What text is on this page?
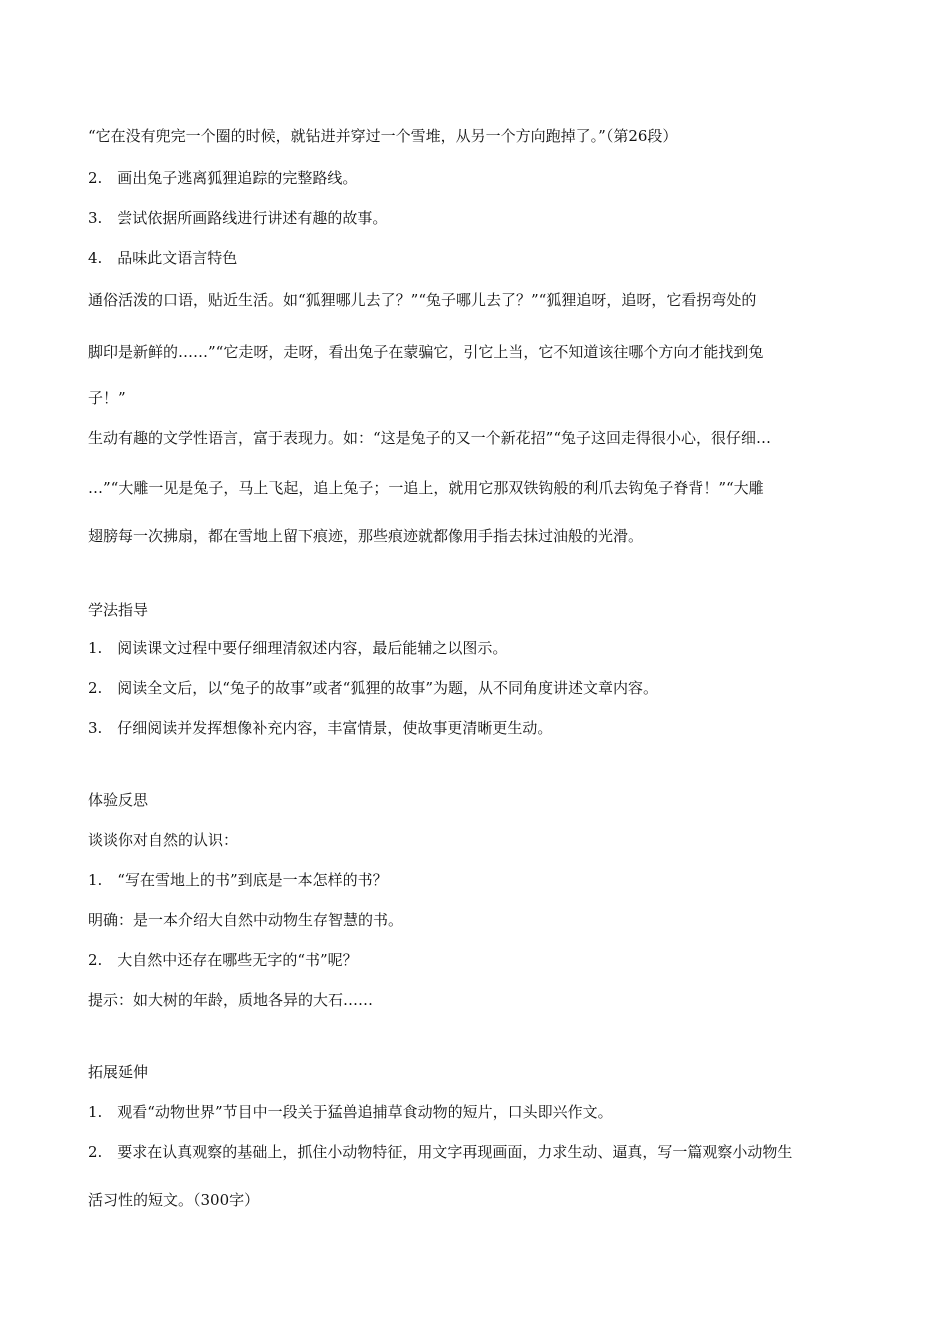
“它在没有兜完一个圈的时候，就钻进并穿过一个雪堆，从另一个方向跑掉了。”（第26段）
2.　画出兔子逃离狐狸追踪的完整路线。
3.　尝试依据所画路线进行讲述有趣的故事。
4.　品味此文语言特色
通俗活泼的口语，贴近生活。如“狐狸哪儿去了？”“兔子哪儿去了？”“狐狸追呀，追呀，它看拐弯处的
脚印是新鲜的……”“它走呀，走呀，看出兔子在蒙骗它，引它上当，它不知道该往哪个方向才能找到兔
子！”
生动有趣的文学性语言，富于表现力。如：“这是兔子的又一个新花招”“兔子这回走得很小心，很仔细…
…”“大雕一见是兔子，马上飞起，追上兔子；一追上，就用它那双铁钩般的利爪去钩兔子脊背！”“大雕
翅膀每一次拂扇，都在雪地上留下痕迹，那些痕迹就都像用手指去抹过油般的光滑。
学法指导
1.　阅读课文过程中要仔细理清叙述内容，最后能辅之以图示。
2.　阅读全文后，以“兔子的故事”或者“狐狸的故事”为题，从不同角度讲述文章内容。
3.　仔细阅读并发挥想像补充内容，丰富情景，使故事更清晰更生动。
体验反思
谈谈你对自然的认识：
1.　“写在雪地上的书”到底是一本怎样的书？
明确：是一本介绍大自然中动物生存智慧的书。
2.　大自然中还存在哪些无字的“书”呢？
提示：如大树的年龄，质地各异的大石……
拓展延伸
1.　观看“动物世界”节目中一段关于猛兽追捕草食动物的短片，口头即兴作文。
2.　要求在认真观察的基础上，抓住小动物特征，用文字再现画面，力求生动、逼真，写一篇观察小动物生
活习性的短文。（300字）
